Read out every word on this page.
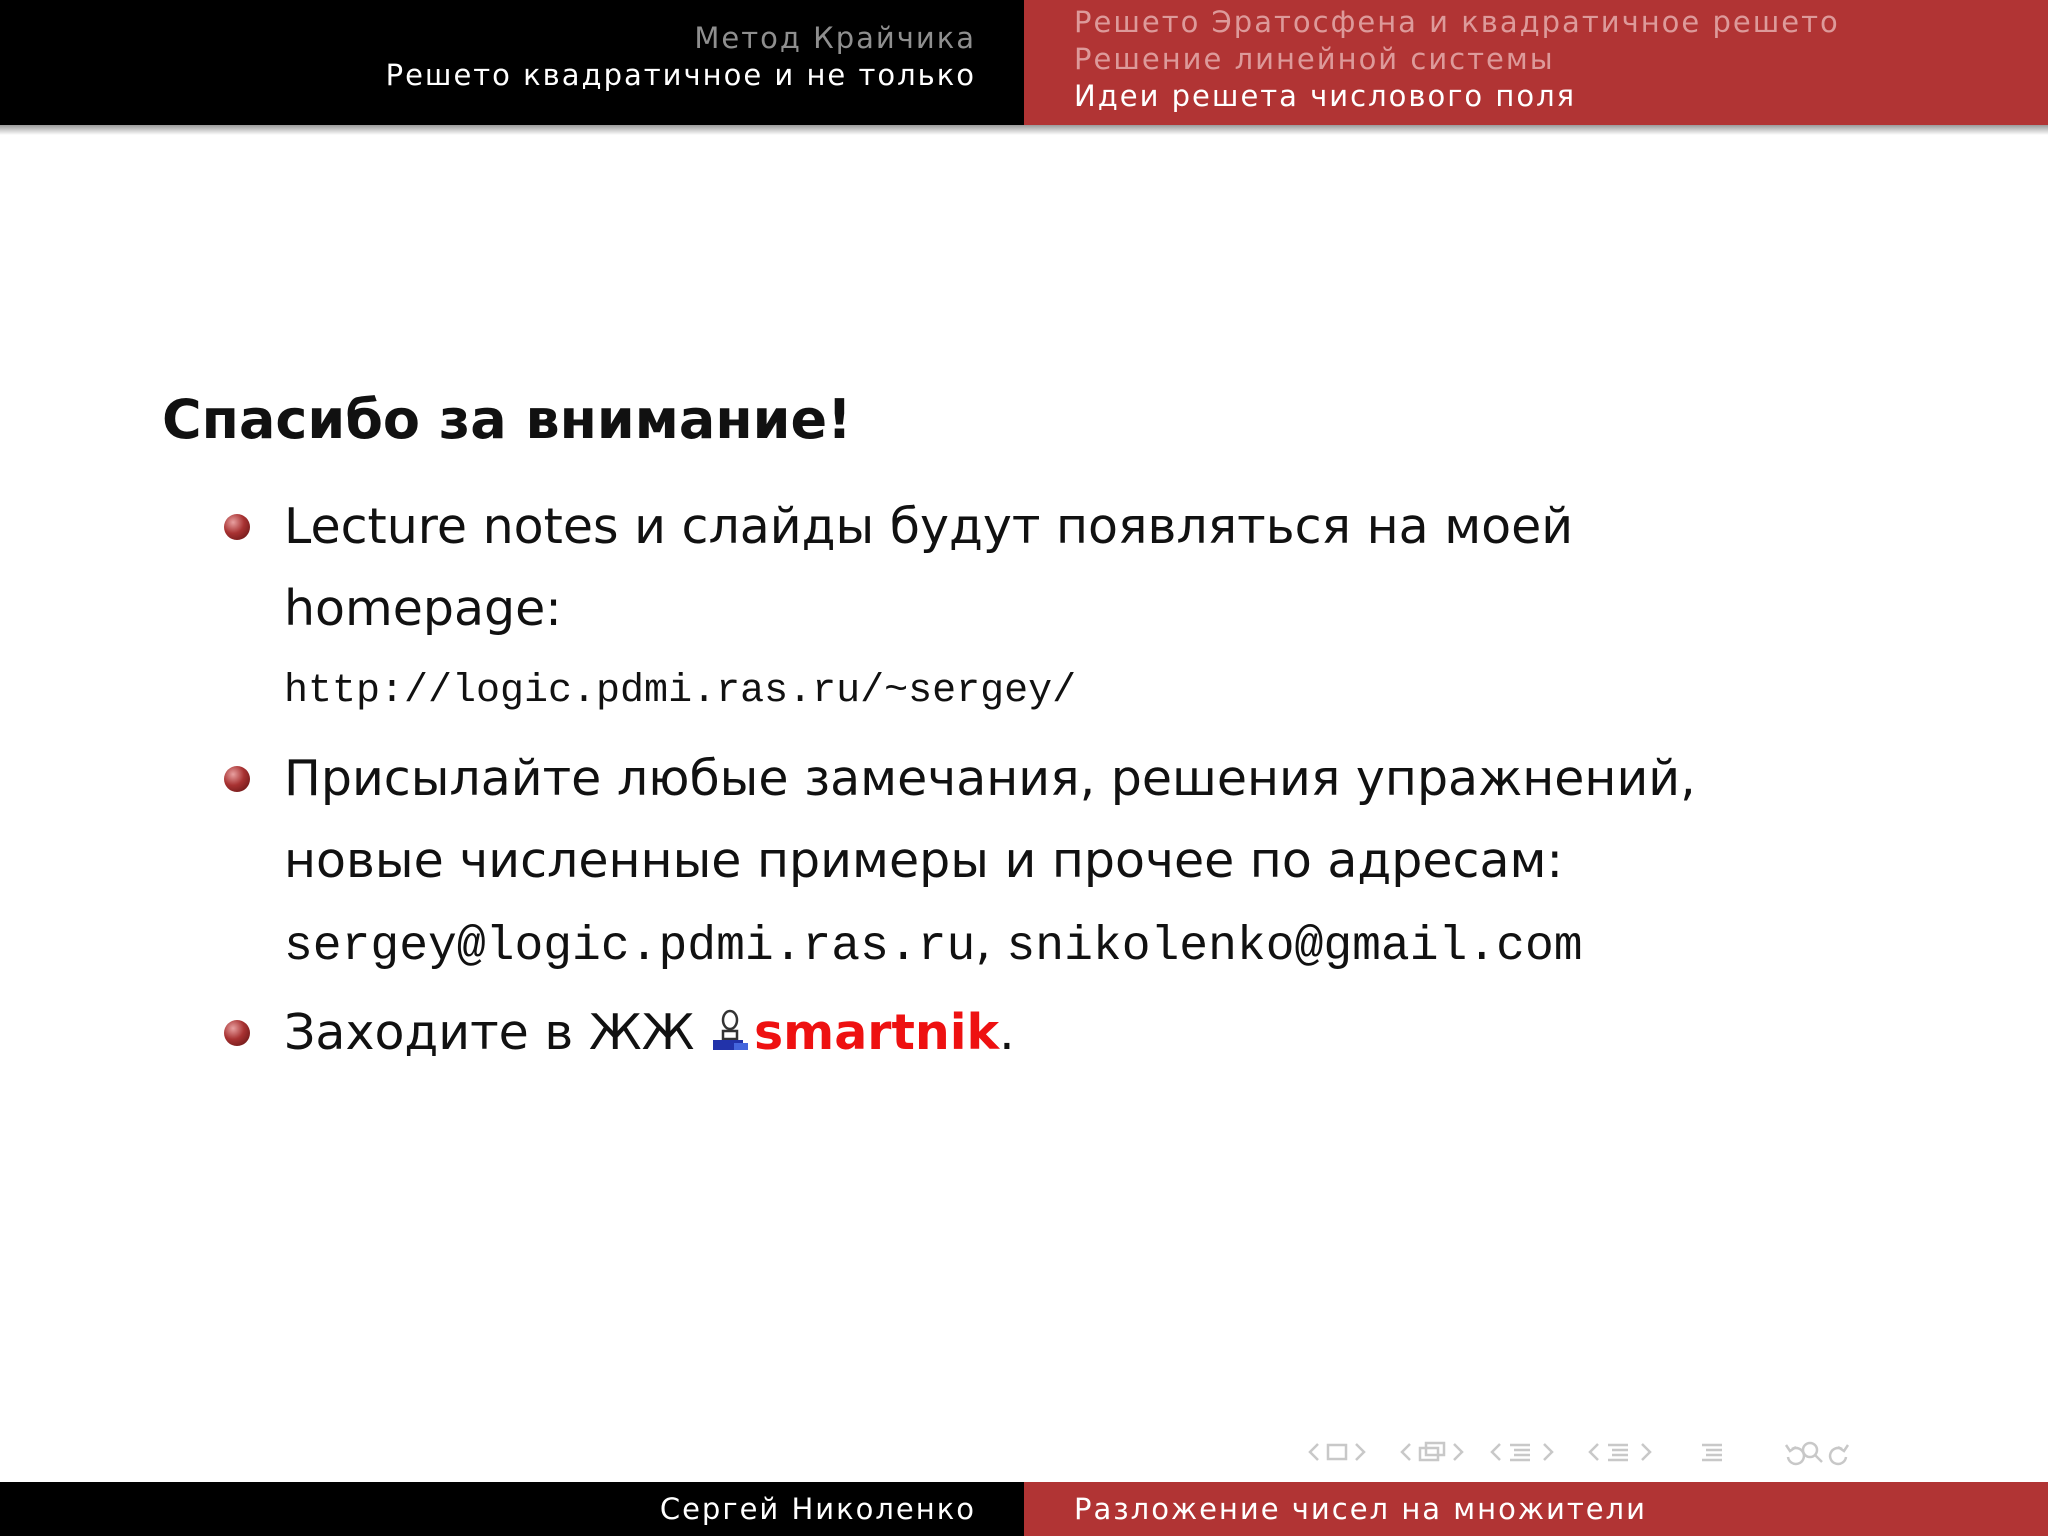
Метод Крайчика
Решето квадратичное и не только
Решето Эратосфена и квадратичное решето
Решение линейной системы
Идеи решета числового поля
Спасибо за внимание!
Lecture notes и слайды будут появляться на моей
homepage:
http://logic.pdmi.ras.ru/~sergey/
Присылайте любые замечания, решения упражнений,
новые численные примеры и прочее по адресам:
sergey@logic.pdmi.ras.ru, snikolenko@gmail.com
Заходите в ЖЖ smartnik.
Сергей Николенко	Разложение чисел на множители
